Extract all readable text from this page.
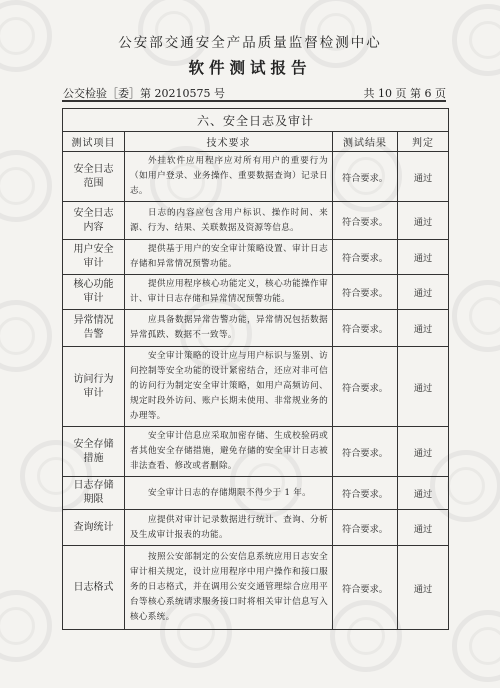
公安部交通安全产品质量监督检测中心
软件测试报告
公交检验［委］第 20210575 号	共 10 页 第 6 页
六、安全日志及审计			
测试项目	技术要求	测试结果	判定
安全日志范围	外挂软件应用程序应对所有用户的重要行为（如用户登录、业务操作、重要数据查询）记录日志。	符合要求。	通过
安全日志内容	日志的内容应包含用户标识、操作时间、来源、行为、结果、关联数据及资源等信息。	符合要求。	通过
用户安全审计	提供基于用户的安全审计策略设置、审计日志存储和异常情况预警功能。	符合要求。	通过
核心功能审计	提供应用程序核心功能定义，核心功能操作审计、审计日志存储和异常情况预警功能。	符合要求。	通过
异常情况告警	应具备数据异常告警功能，异常情况包括数据异常孤跌、数据不一致等。	符合要求。	通过
访问行为审计	安全审计策略的设计应与用户标识与鉴别、访问控制等安全功能的设计紧密结合，还应对非可信的访问行为制定安全审计策略，如用户高频访问、规定时段外访问、账户长期未使用、非常规业务的办理等。	符合要求。	通过
安全存储措施	安全审计信息应采取加密存储、生成校验码或者其他安全存储措施，避免存储的安全审计日志被非法查看、修改或者删除。	符合要求。	通过
日志存储期限	安全审计日志的存储期限不得少于 1 年。	符合要求。	通过
查询统计	应提供对审计记录数据进行统计、查询、分析及生成审计报表的功能。	符合要求。	通过
日志格式	按照公安部制定的公安信息系统应用日志安全审计相关规定，设计应用程序中用户操作和接口服务的日志格式，并在调用公安交通管理综合应用平台等核心系统请求服务接口时将相关审计信息写入核心系统。	符合要求。	通过
